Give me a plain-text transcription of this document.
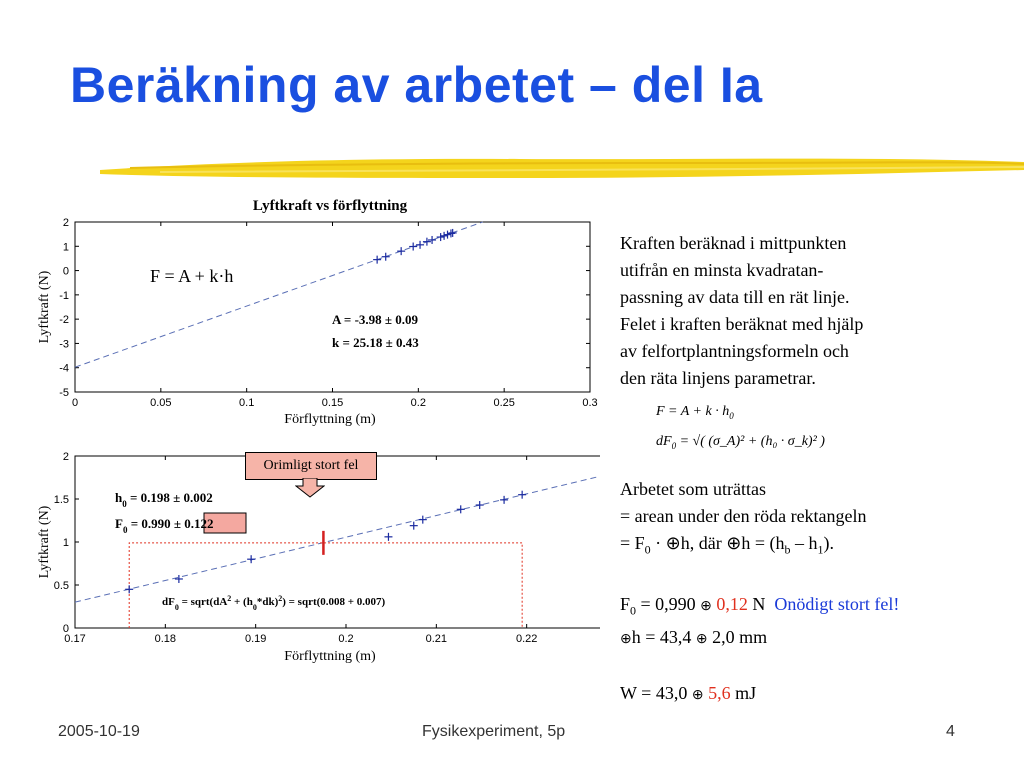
Beräkning av arbetet – del Ia
Lyftkraft vs förflyttning
0	0.05	0.1	0.15	0.2	0.25	0.3
2
1
0
-1
-2
-3
-4
-5
F = A + k·h
A = -3.98 ± 0.09
k = 25.18 ± 0.43
Förflyttning (m)
Lyftkraft (N)
0.17	0.18	0.19	0.2	0.21	0.22
2
1.5
1
0.5
0
$h_0 = 0.198 \pm 0.002$
$F_0 = 0.990 \pm 0.122$
$dF_0$ = $sqrt(dA^2 + (h_0*dk)^2)$ = sqrt(0.008 + 0.007)
Förflyttning (m)
Lyftkraft (N)
Orimligt stort fel
Kraften beräknad i mittpunkten
utifrån en minsta kvadratan-
passning av data till en rät linje.
Felet i kraften beräknat med hjälp
av felfortplantningsformeln och
den räta linjens parametrar.
$F = A + k \cdot h_0$
$dF_0$ = √( (σ_A)² + (h₀ · σ_k)² )
Arbetet som uträttas
= arean under den röda rektangeln
= $F_0$ · ⊕h, där ⊕h = $(h_b - h_1)$.

$F_0 = 0,990$ ⊕ 0,12 N Onödigt stort fel!
⊕h = 43,4 ⊕ 2,0 mm

W = 43,0 ⊕ 5,6 mJ
2005-10-19	Fysikexperiment, 5p	4
